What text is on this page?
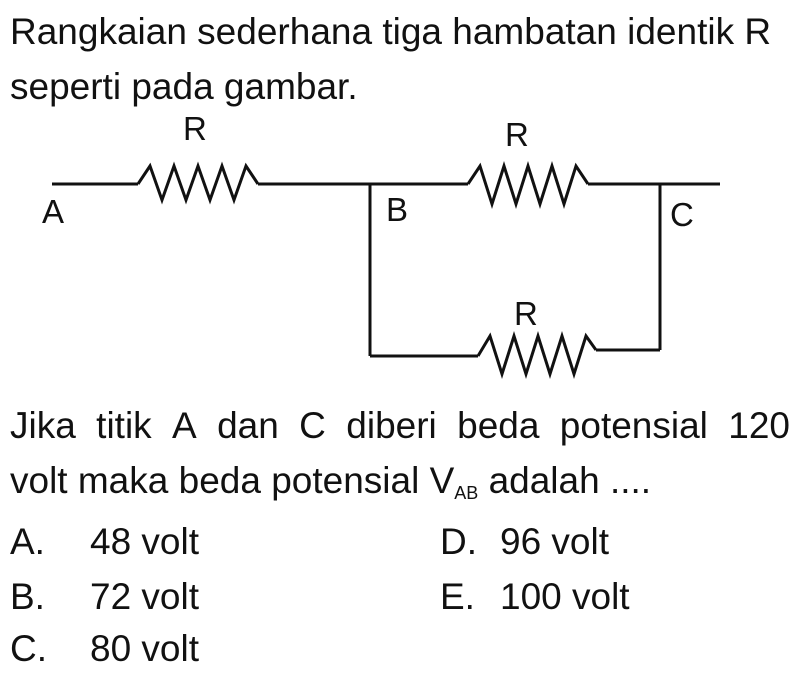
Rangkaian sederhana tiga hambatan identik R seperti pada gambar.
R	R
R
A	B	C
Jika titik A dan C diberi beda potensial 120
volt maka beda potensial $V_{AB}$ adalah ....
A. 48 volt
B. 72 volt
C. 80 volt
D. 96 volt
E. 100 volt
